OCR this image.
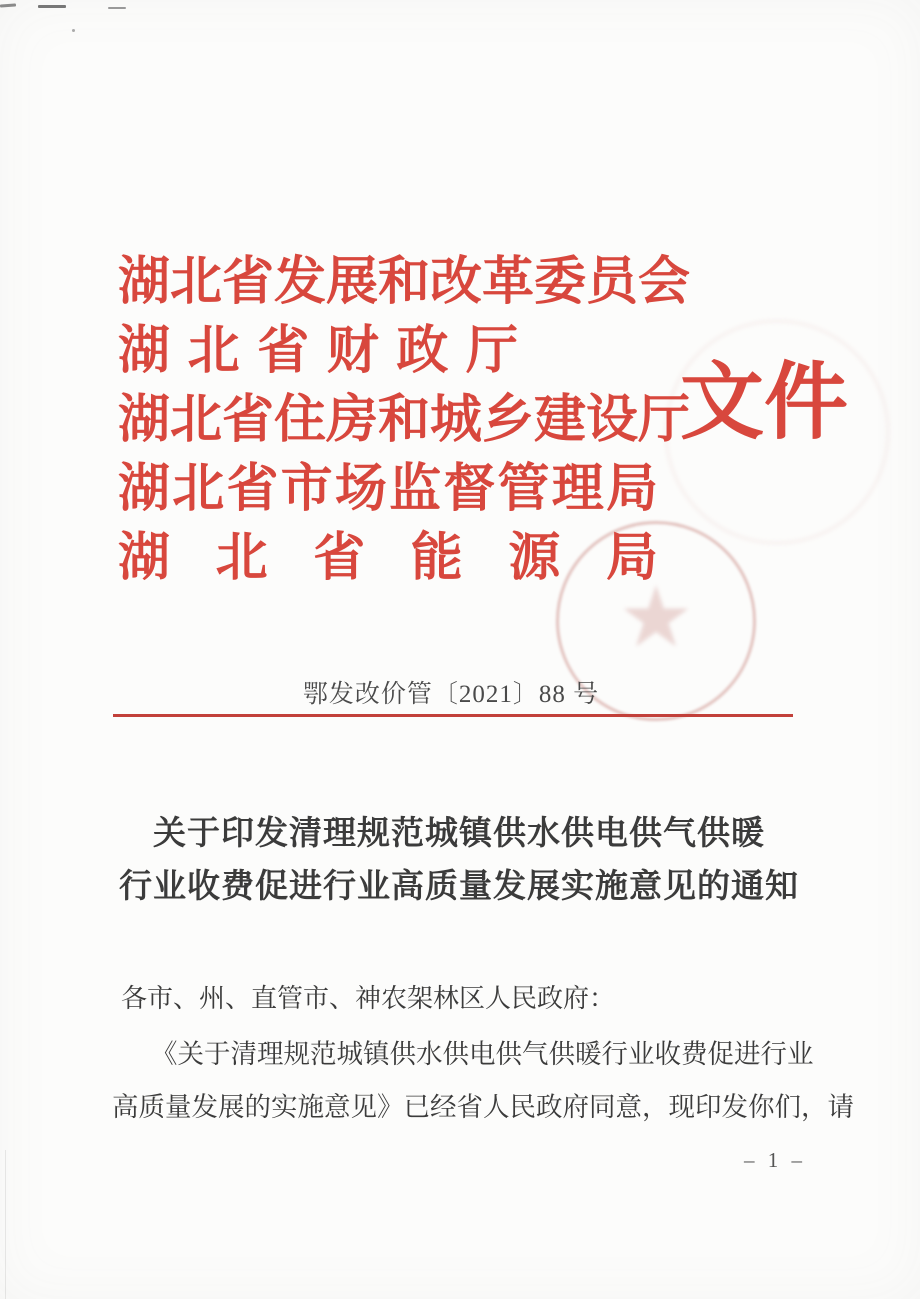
★
湖北省发展和改革委员会
湖北省财政厅
湖北省住房和城乡建设厅
湖北省市场监督管理局
湖北省能源局
文件
鄂发改价管〔2021〕88 号
关于印发清理规范城镇供水供电供气供暖
行业收费促进行业高质量发展实施意见的通知
各市、州、直管市、神农架林区人民政府：
《关于清理规范城镇供水供电供气供暖行业收费促进行业
高质量发展的实施意见》已经省人民政府同意，现印发你们，请
– 1 –
